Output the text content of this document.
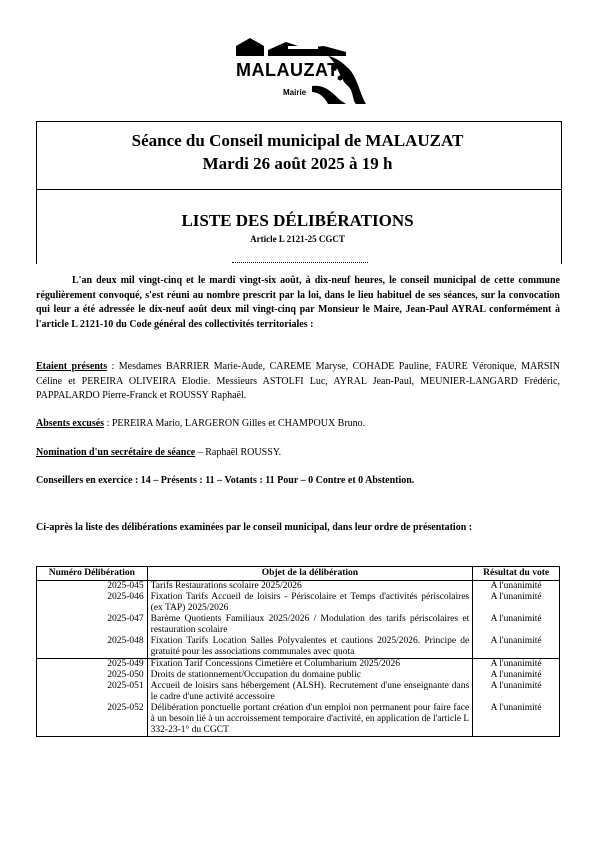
MALAUZAT
Mairie
Séance du Conseil municipal de MALAUZAT
Mardi 26 août 2025 à 19 h
LISTE DES DÉLIBÉRATIONS
Article L 2121-25 CGCT
L'an deux mil vingt-cinq et le mardi vingt-six août, à dix-neuf heures, le conseil municipal de cette commune régulièrement convoqué, s'est réuni au nombre prescrit par la loi, dans le lieu habituel de ses séances, sur la convocation qui leur a été adressée le dix-neuf août deux mil vingt-cinq par Monsieur le Maire, Jean-Paul AYRAL conformément à l'article L 2121-10 du Code général des collectivités territoriales :
Etaient présents : Mesdames BARRIER Marie-Aude, CAREME Maryse, COHADE Pauline, FAURE Véronique, MARSIN Céline et PEREIRA OLIVEIRA Elodie. Messieurs ASTOLFI Luc, AYRAL Jean-Paul, MEUNIER-LANGARD Frédéric, PAPPALARDO Pierre-Franck et ROUSSY Raphaël.
Absents excusés : PEREIRA Mario, LARGERON Gilles et CHAMPOUX Bruno.
Nomination d'un secrétaire de séance – Raphaël ROUSSY.
Conseillers en exercice : 14 – Présents : 11 – Votants : 11 Pour – 0 Contre et 0 Abstention.
Ci-après la liste des délibérations examinées par le conseil municipal, dans leur ordre de présentation :
Numéro Délibération	Objet de la délibération	Résultat du vote
2025-045	Tarifs Restaurations scolaire 2025/2026	A l'unanimité
2025-046	Fixation Tarifs Accueil de loisirs - Périscolaire et Temps d'activités périscolaires (ex TAP) 2025/2026	A l'unanimité
2025-047	Barème Quotients Familiaux 2025/2026 / Modulation des tarifs périscolaires et restauration scolaire	A l'unanimité
2025-048	Fixation Tarifs Location Salles Polyvalentes et cautions 2025/2026. Principe de gratuité pour les associations communales avec quota	A l'unanimité
2025-049	Fixation Tarif Concessions Cimetière et Columbarium 2025/2026	A l'unanimité
2025-050	Droits de stationnement/Occupation du domaine public	A l'unanimité
2025-051	Accueil de loisirs sans hébergement (ALSH). Recrutement d'une enseignante dans le cadre d'une activité accessoire	A l'unanimité
2025-052	Délibération ponctuelle portant création d'un emploi non permanent pour faire face à un besoin lié à un accroissement temporaire d'activité, en application de l'article L 332-23-1° du CGCT	A l'unanimité
